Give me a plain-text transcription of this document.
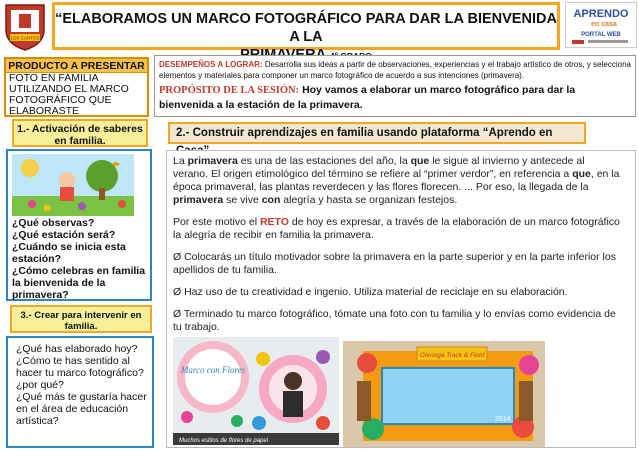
LOS CANTOS
“ELABORAMOS UN MARCO FOTOGRÁFICO PARA DAR LA BIENVENIDA A LA
APRENDO
en casa
PORTAL WEB
PRODUCTO A PRESENTAR
FOTO EN FAMILIA UTILIZANDO EL MARCO FOTOGRÁFICO QUE ELABORASTE
DESEMPEÑOS A LOGRAR: Desarrolla sus ideas a partir de observaciones, experiencias y el trabajo artístico de otros, y selecciona elementos y materiales para componer un marco fotográfico de acuerdo a sus intenciones (primavera).
PROPÓSITO DE LA SESIÓN: Hoy vamos a elaborar un marco fotográfico para dar la bienvenida a la estación de la primavera.
1.- Activación de saberes en familia.
¿Qué observas?
¿Qué estación será?
¿Cuándo se inicia esta estación?
¿Cómo celebras en familia la bienvenida de la primavera?
3.- Crear para intervenir en familia.
¿Qué has elaborado hoy?
¿Cómo te has sentido al hacer tu marco fotográfico? ¿por qué?
¿Qué más te gustaría hacer en el área de educación artística?
2.- Construir aprendizajes en familia usando plataforma “Aprendo en

La primavera es una de las estaciones del año, la que le sigue al invierno y antecede al verano. El origen etimológico del término se refiere al “primer verdor”, en referencia a que, en la época primaveral, las plantas reverdecen y las flores florecen. ... Por eso, la llegada de la primavera se vive con alegría y hasta se organizan festejos.

Por este motivo el RETO de hoy es expresar, a través de la elaboración de un marco fotográfico la alegría de recibir en familia la primavera.

Ø Colocarás un título motivador sobre la primavera en la parte superior y en la parte inferior los apellidos de tu familia.

Ø Haz uso de tu creatividad e ingenio. Utiliza material de reciclaje en su elaboración.

Ø Terminado tu marco fotográfico, tómate una foto con tu familia y lo envías como evidencia de tu trabajo.

Marco con Flores
Muchos estilos de flores de papel
Glenoga Track & Field
2014
